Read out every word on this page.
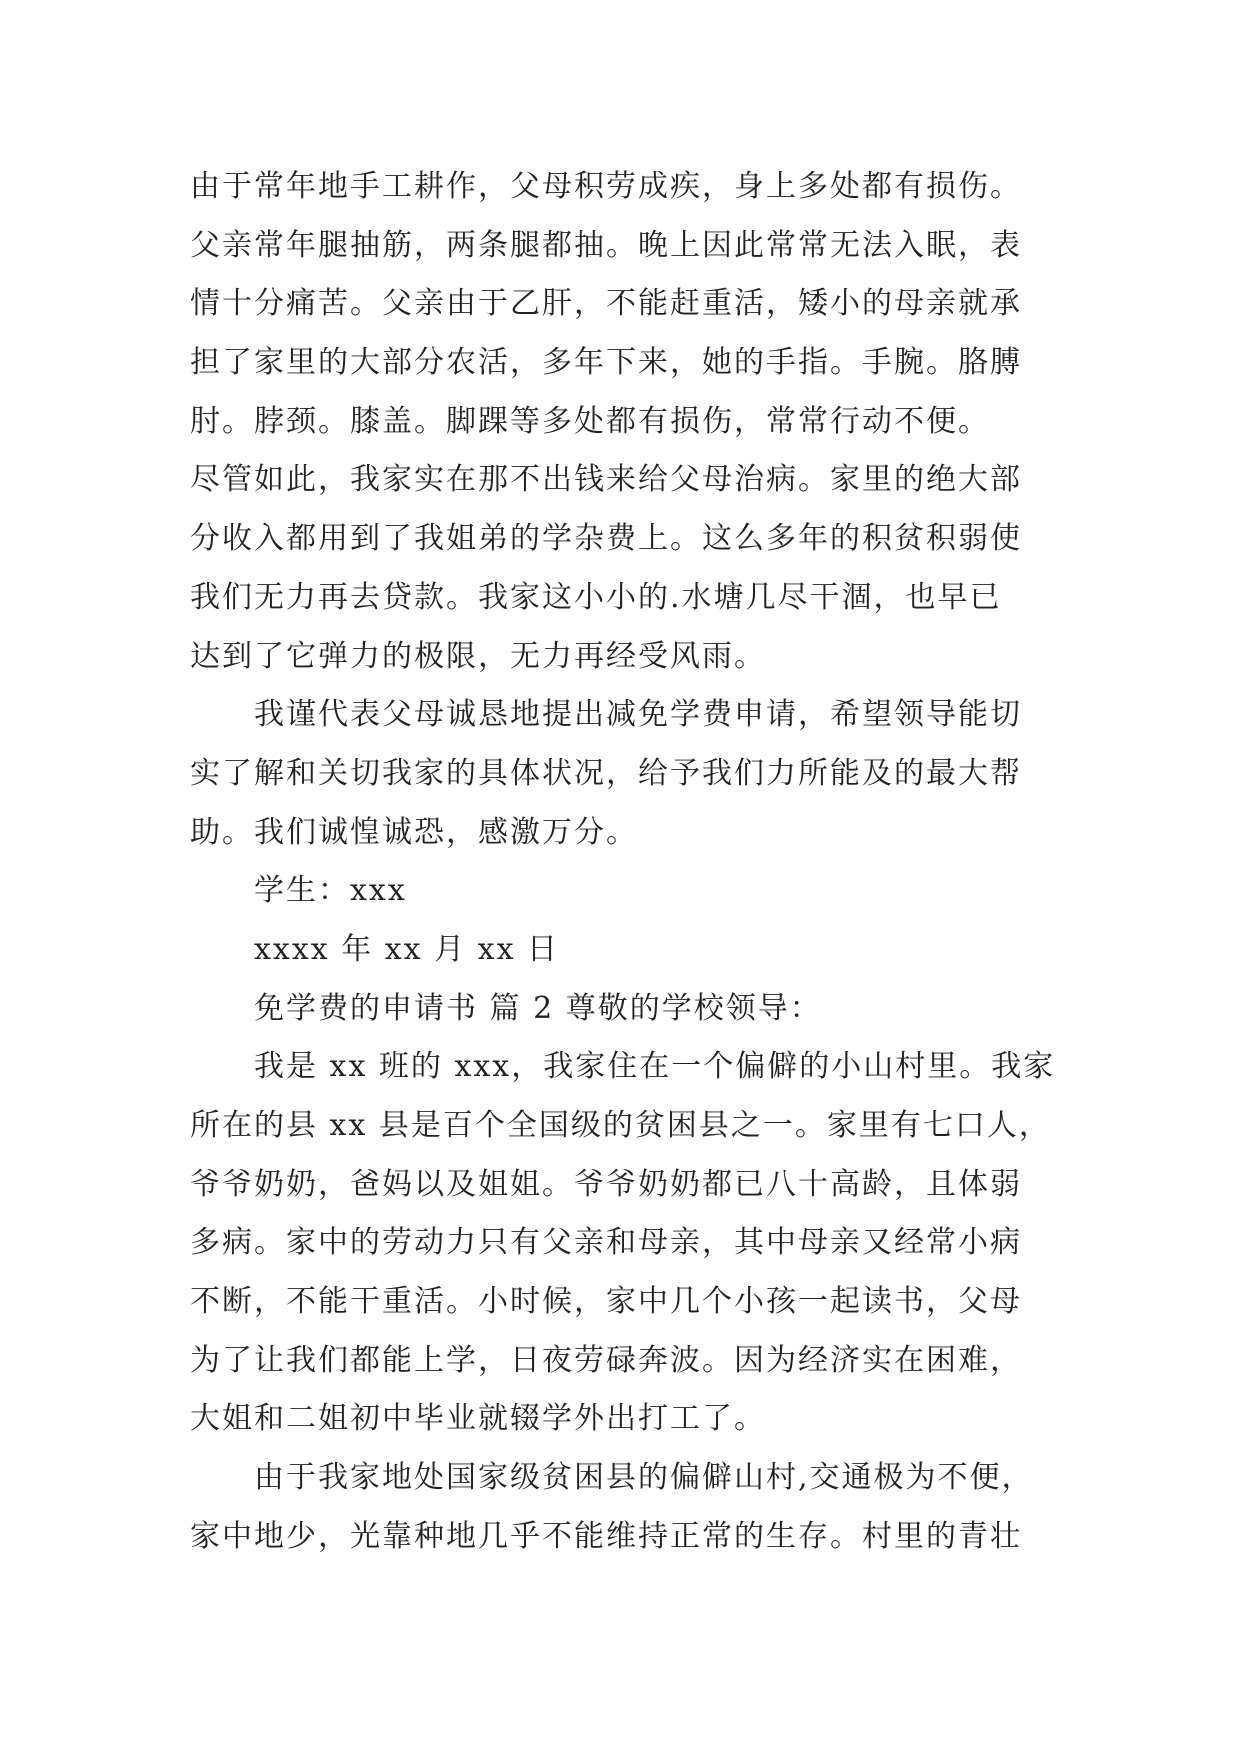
由于常年地手工耕作，父母积劳成疾，身上多处都有损伤。
父亲常年腿抽筋，两条腿都抽。晚上因此常常无法入眠，表
情十分痛苦。父亲由于乙肝，不能赶重活，矮小的母亲就承
担了家里的大部分农活，多年下来，她的手指。手腕。胳膊
肘。脖颈。膝盖。脚踝等多处都有损伤，常常行动不便。
尽管如此，我家实在那不出钱来给父母治病。家里的绝大部
分收入都用到了我姐弟的学杂费上。这么多年的积贫积弱使
我们无力再去贷款。我家这小小的.水塘几尽干涸，也早已
达到了它弹力的极限，无力再经受风雨。
我谨代表父母诚恳地提出减免学费申请，希望领导能切
实了解和关切我家的具体状况，给予我们力所能及的最大帮
助。我们诚惶诚恐，感激万分。
学生：xxx
xxxx 年 xx 月 xx 日
免学费的申请书 篇 2 尊敬的学校领导：
我是 xx 班的 xxx，我家住在一个偏僻的小山村里。我家
所在的县 xx 县是百个全国级的贫困县之一。家里有七口人，
爷爷奶奶，爸妈以及姐姐。爷爷奶奶都已八十高龄，且体弱
多病。家中的劳动力只有父亲和母亲，其中母亲又经常小病
不断，不能干重活。小时候，家中几个小孩一起读书，父母
为了让我们都能上学，日夜劳碌奔波。因为经济实在困难，
大姐和二姐初中毕业就辍学外出打工了。
由于我家地处国家级贫困县的偏僻山村,交通极为不便，
家中地少，光靠种地几乎不能维持正常的生存。村里的青壮
